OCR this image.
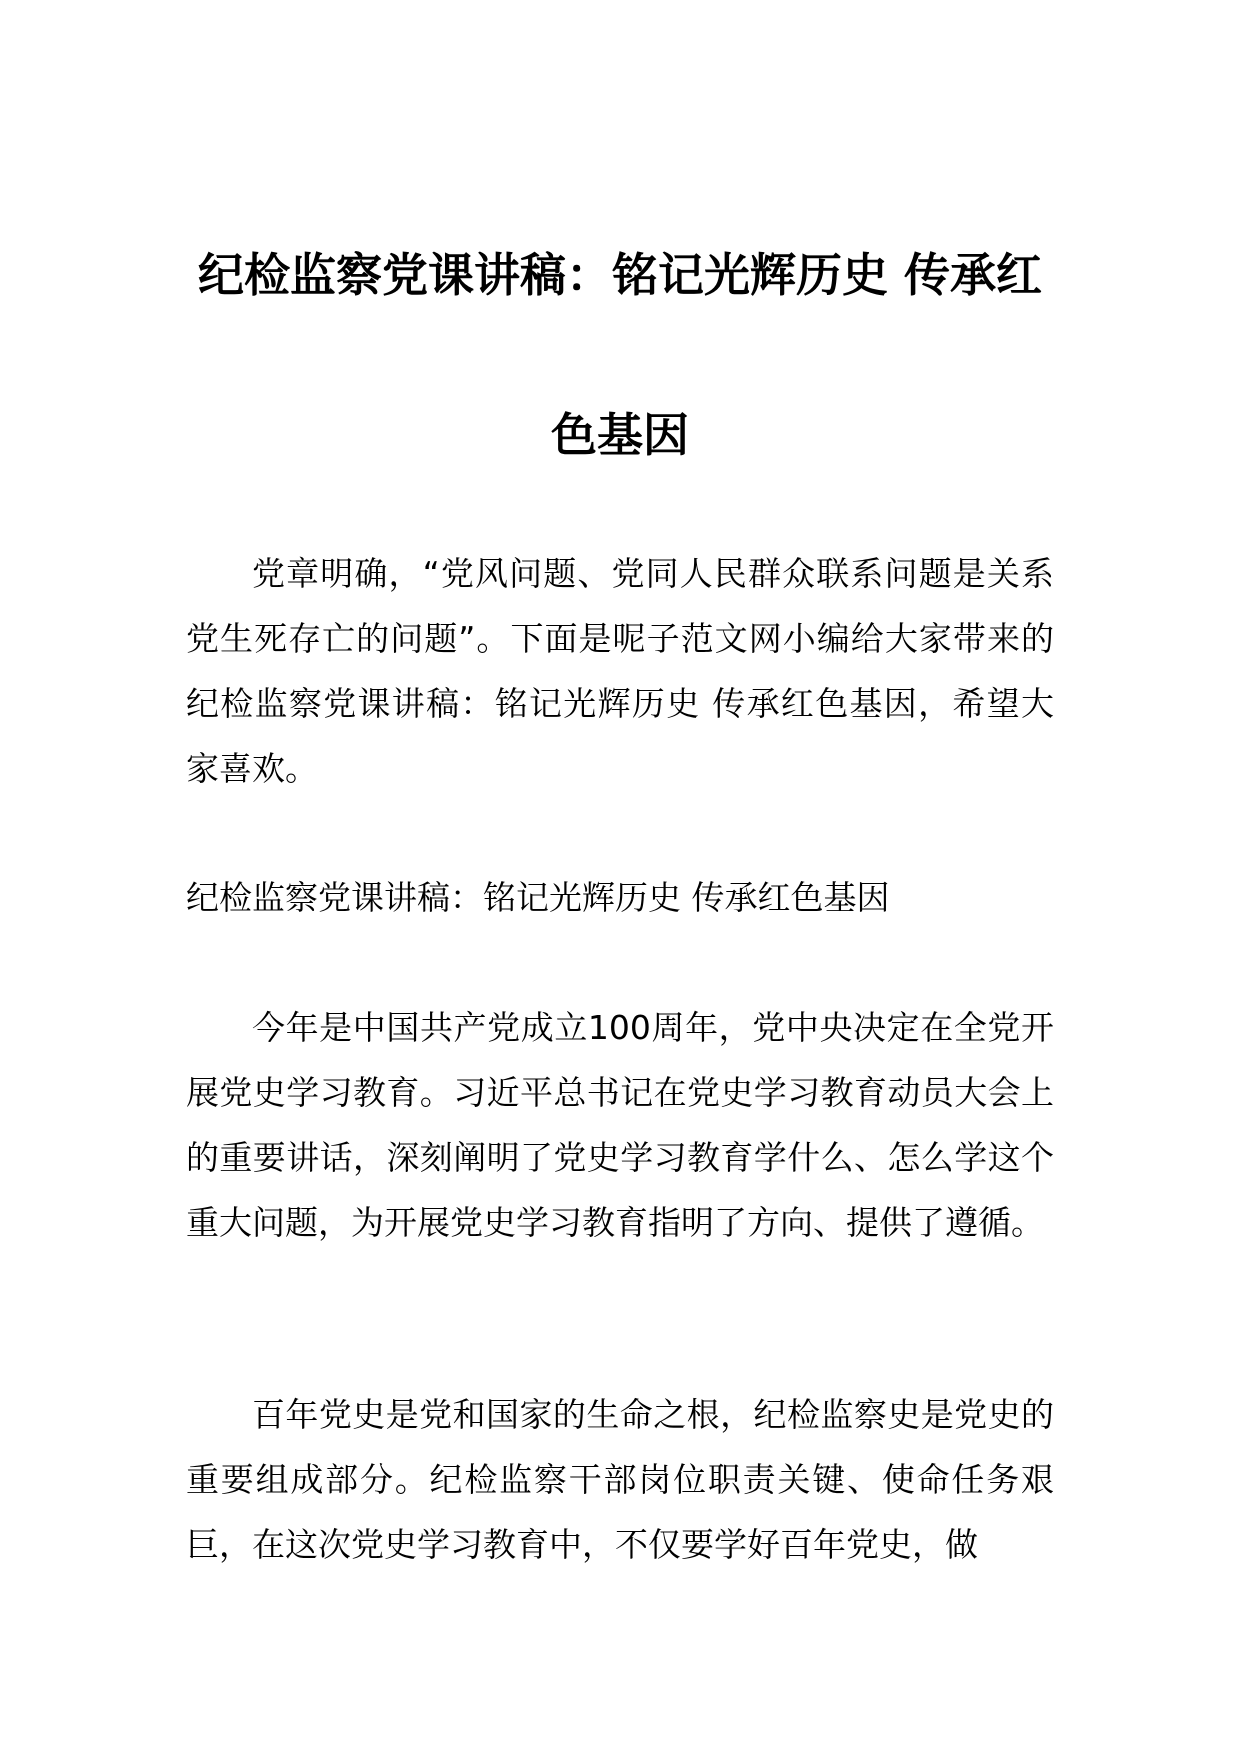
纪检监察党课讲稿：铭记光辉历史 传承红
色基因

党章明确，“党风问题、党同人民群众联系问题是关系党生死存亡的问题”。下面是呢子范文网小编给大家带来的纪检监察党课讲稿：铭记光辉历史 传承红色基因，希望大家喜欢。

纪检监察党课讲稿：铭记光辉历史 传承红色基因

今年是中国共产党成立100周年，党中央决定在全党开展党史学习教育。习近平总书记在党史学习教育动员大会上的重要讲话，深刻阐明了党史学习教育学什么、怎么学这个重大问题，为开展党史学习教育指明了方向、提供了遵循。

百年党史是党和国家的生命之根，纪检监察史是党史的重要组成部分。纪检监察干部岗位职责关键、使命任务艰巨，在这次党史学习教育中，不仅要学好百年党史，做
